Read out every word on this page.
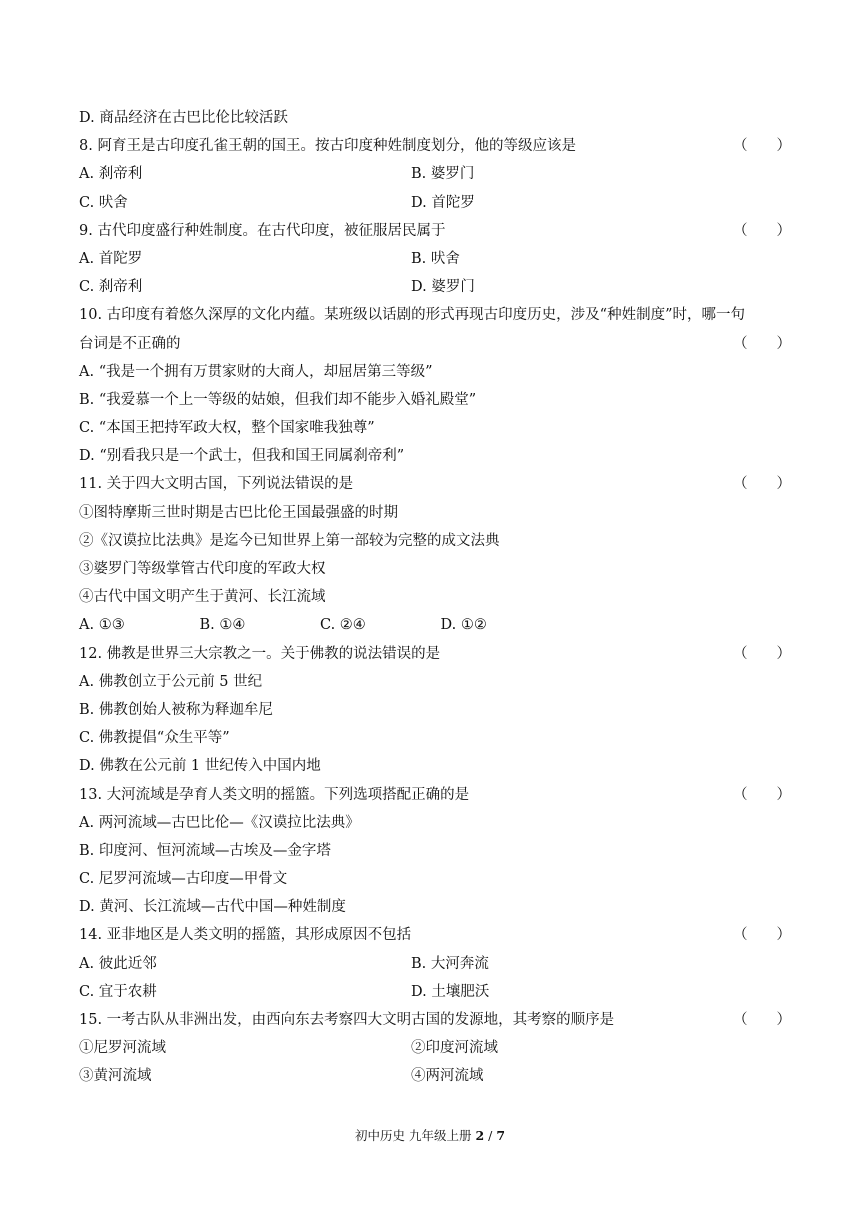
D. 商品经济在古巴比伦比较活跃
8. 阿育王是古印度孔雀王朝的国王。按古印度种姓制度划分，他的等级应该是	（　　）
A. 刹帝利	B. 婆罗门
C. 吠舍	D. 首陀罗
9. 古代印度盛行种姓制度。在古代印度，被征服居民属于	（　　）
A. 首陀罗	B. 吠舍
C. 刹帝利	D. 婆罗门
10. 古印度有着悠久深厚的文化内蕴。某班级以话剧的形式再现古印度历史，涉及“种姓制度”时，哪一句
台词是不正确的	（　　）
A. “我是一个拥有万贯家财的大商人，却屈居第三等级”
B. “我爱慕一个上一等级的姑娘，但我们却不能步入婚礼殿堂”
C. “本国王把持军政大权，整个国家唯我独尊”
D. “别看我只是一个武士，但我和国王同属刹帝利”
11. 关于四大文明古国，下列说法错误的是	（　　）
①图特摩斯三世时期是古巴比伦王国最强盛的时期
②《汉谟拉比法典》是迄今已知世界上第一部较为完整的成文法典
③婆罗门等级掌管古代印度的军政大权
④古代中国文明产生于黄河、长江流域
A. ①③	B. ①④	C. ②④	D. ①②
12. 佛教是世界三大宗教之一。关于佛教的说法错误的是	（　　）
A. 佛教创立于公元前 5 世纪
B. 佛教创始人被称为释迦牟尼
C. 佛教提倡“众生平等”
D. 佛教在公元前 1 世纪传入中国内地
13. 大河流域是孕育人类文明的摇篮。下列选项搭配正确的是	（　　）
A. 两河流域—古巴比伦—《汉谟拉比法典》
B. 印度河、恒河流域—古埃及—金字塔
C. 尼罗河流域—古印度—甲骨文
D. 黄河、长江流域—古代中国—种姓制度
14. 亚非地区是人类文明的摇篮，其形成原因不包括	（　　）
A. 彼此近邻	B. 大河奔流
C. 宜于农耕	D. 土壤肥沃
15. 一考古队从非洲出发，由西向东去考察四大文明古国的发源地，其考察的顺序是	（　　）
①尼罗河流域	②印度河流域
③黄河流域	④两河流域
初中历史 九年级上册 2 / 7
